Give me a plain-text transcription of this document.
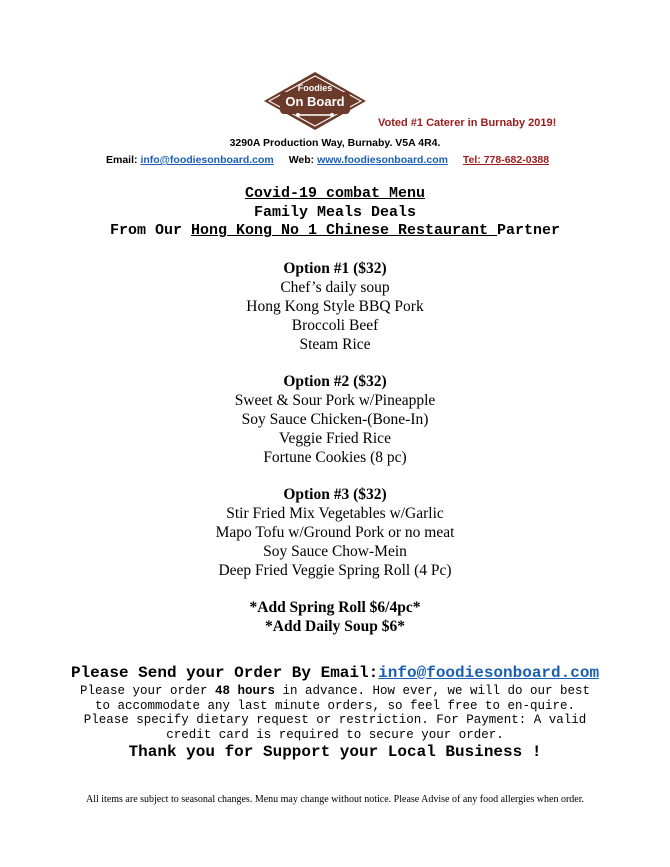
Foodies
On Board
Voted #1 Caterer in Burnaby 2019!
3290A Production Way, Burnaby. V5A 4R4.
Email: info@foodiesonboard.com Web: www.foodiesonboard.com Tel: 778-682-0388
Covid-19 combat Menu
Family Meals Deals
From Our Hong Kong No 1 Chinese Restaurant Partner

Option #1 ($32)

Chef’s daily soup

Hong Kong Style BBQ Pork

Broccoli Beef

Steam Rice

Option #2 ($32)

Sweet & Sour Pork w/Pineapple

Soy Sauce Chicken-(Bone-In)

Veggie Fried Rice

Fortune Cookies (8 pc)

Option #3 ($32)

Stir Fried Mix Vegetables w/Garlic

Mapo Tofu w/Ground Pork or no meat

Soy Sauce Chow-Mein

Deep Fried Veggie Spring Roll (4 Pc)

*Add Spring Roll $6/4pc*

*Add Daily Soup $6*

Please Send your Order By Email:info@foodiesonboard.com

Please your order 48 hours in advance. How ever, we will do our best

to accommodate any last minute orders, so feel free to en-quire.

Please specify dietary request or restriction. For Payment: A valid

credit card is required to secure your order.

Thank you for Support your Local Business !
All items are subject to seasonal changes. Menu may change without notice. Please Advise of any food allergies when order.
